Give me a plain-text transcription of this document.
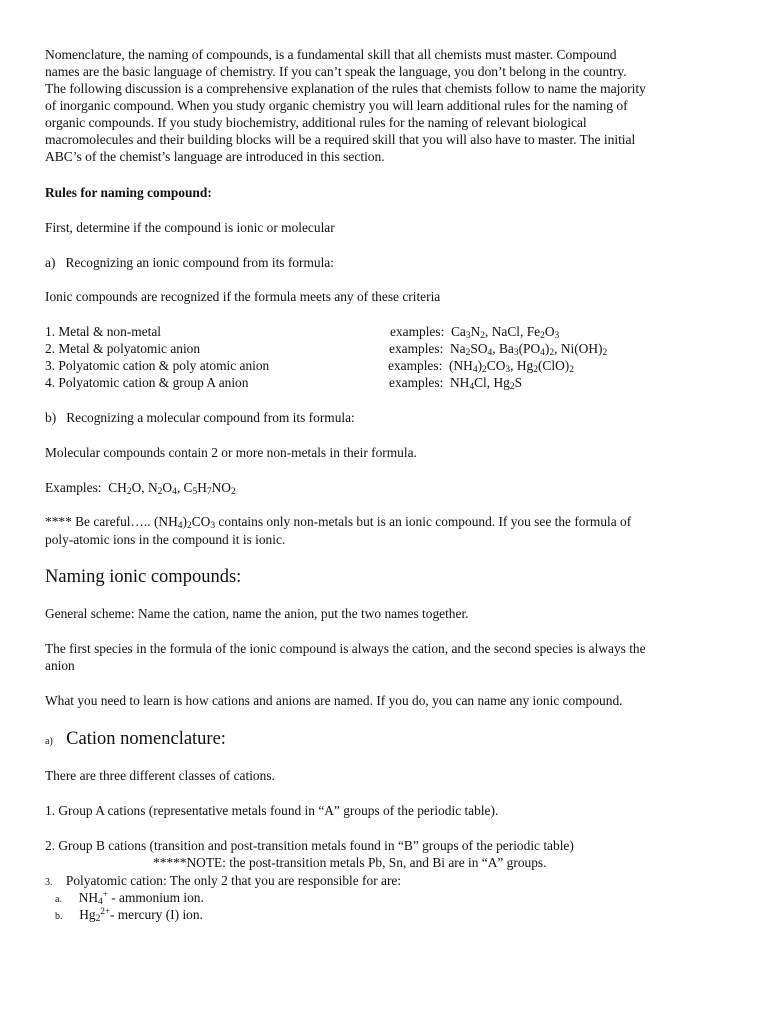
Nomenclature, the naming of compounds, is a fundamental skill that all chemists must master. Compound
names are the basic language of chemistry. If you can’t speak the language, you don’t belong in the country.
The following discussion is a comprehensive explanation of the rules that chemists follow to name the majority
of inorganic compound. When you study organic chemistry you will learn additional rules for the naming of
organic compounds. If you study biochemistry, additional rules for the naming of relevant biological
macromolecules and their building blocks will be a required skill that you will also have to master. The initial
ABC’s of the chemist’s language are introduced in this section.
Rules for naming compound:
First, determine if the compound is ionic or molecular
a) Recognizing an ionic compound from its formula:
Ionic compounds are recognized if the formula meets any of these criteria
1. Metal & non-metal	examples: $Ca_3N_2$, NaCl, $Fe_2O_3$
2. Metal & polyatomic anion	examples: $Na_2SO_4$, $Ba_3(PO_4)_2$, $Ni(OH)_2$
3. Polyatomic cation & poly atomic anion	examples: $(NH_4)_2CO_3$, $Hg_2(ClO)_2$
4. Polyatomic cation & group A anion	examples: $NH_4Cl$, $Hg_2S$
b) Recognizing a molecular compound from its formula:
Molecular compounds contain 2 or more non-metals in their formula.
Examples: $CH_2O$, $N_2O_4$, $C_5H_7NO_2$
**** Be careful….. $(NH_4)_2CO_3$ contains only non-metals but is an ionic compound. If you see the formula of
poly-atomic ions in the compound it is ionic.
Naming ionic compounds:
General scheme: Name the cation, name the anion, put the two names together.
The first species in the formula of the ionic compound is always the cation, and the second species is always the
anion
What you need to learn is how cations and anions are named. If you do, you can name any ionic compound.
a) Cation nomenclature:
There are three different classes of cations.
1. Group A cations (representative metals found in “A” groups of the periodic table).
2. Group B cations (transition and post-transition metals found in “B” groups of the periodic table)
*****NOTE: the post-transition metals Pb, Sn, and Bi are in “A” groups.
3. Polyatomic cation: The only 2 that you are responsible for are:
a. $NH_4^+$ - ammonium ion.
b. $Hg_2^{2+}-$ mercury (I) ion.
